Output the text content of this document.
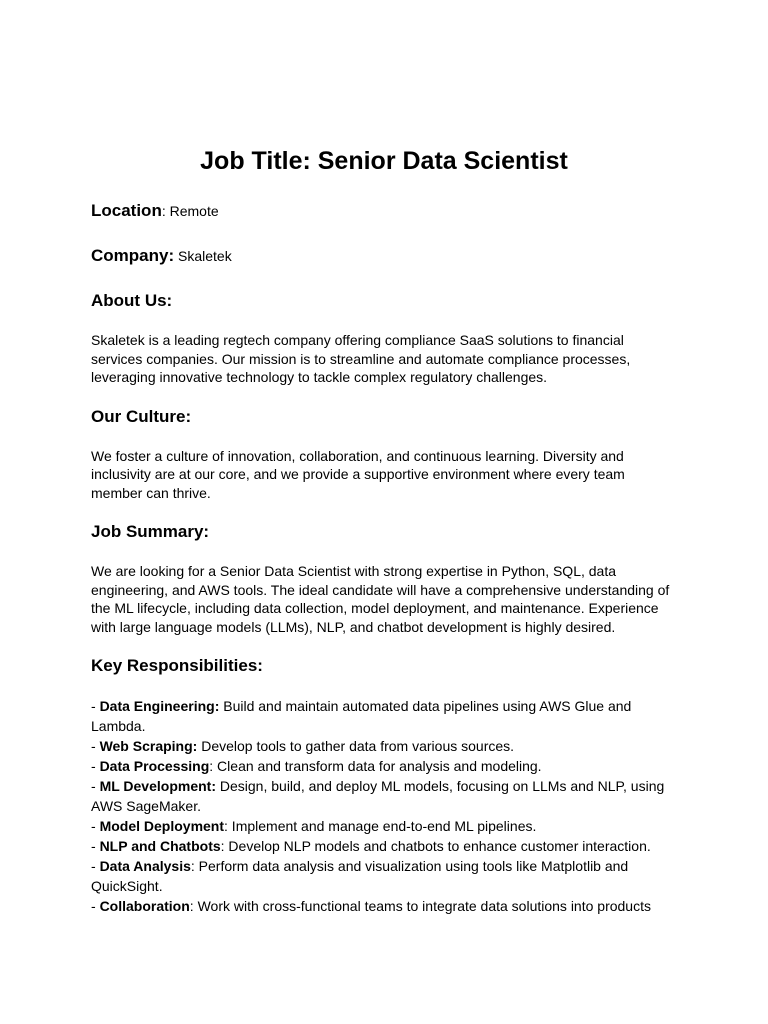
Job Title: Senior Data Scientist

Location: Remote

Company: Skaletek

About Us:

Skaletek is a leading regtech company offering compliance SaaS solutions to financial services companies. Our mission is to streamline and automate compliance processes, leveraging innovative technology to tackle complex regulatory challenges.

Our Culture:

We foster a culture of innovation, collaboration, and continuous learning. Diversity and inclusivity are at our core, and we provide a supportive environment where every team member can thrive.

Job Summary:

We are looking for a Senior Data Scientist with strong expertise in Python, SQL, data engineering, and AWS tools. The ideal candidate will have a comprehensive understanding of the ML lifecycle, including data collection, model deployment, and maintenance. Experience with large language models (LLMs), NLP, and chatbot development is highly desired.

Key Responsibilities:
- Data Engineering: Build and maintain automated data pipelines using AWS Glue and Lambda.
- Web Scraping: Develop tools to gather data from various sources.
- Data Processing: Clean and transform data for analysis and modeling.
- ML Development: Design, build, and deploy ML models, focusing on LLMs and NLP, using AWS SageMaker.
- Model Deployment: Implement and manage end-to-end ML pipelines.
- NLP and Chatbots: Develop NLP models and chatbots to enhance customer interaction.
- Data Analysis: Perform data analysis and visualization using tools like Matplotlib and QuickSight.
- Collaboration: Work with cross-functional teams to integrate data solutions into products
